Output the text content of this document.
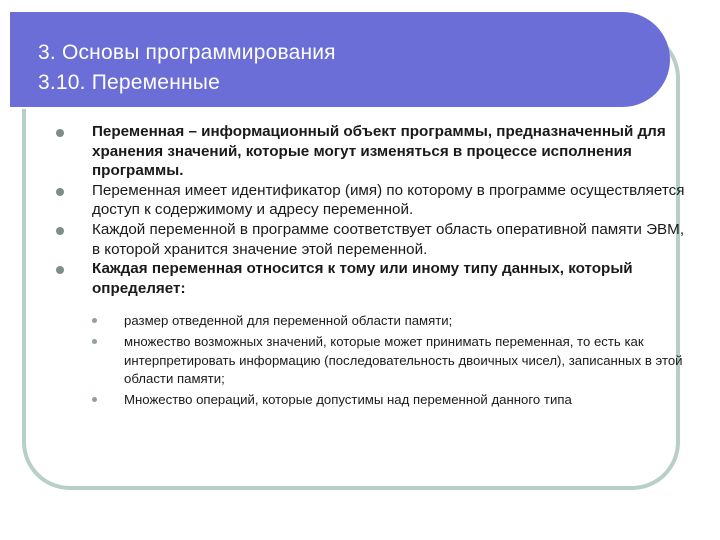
3. Основы программирования
3.10. Переменные
Переменная – информационный объект программы, предназначенный для хранения значений, которые могут изменяться в процессе исполнения программы.
Переменная имеет идентификатор (имя) по которому в программе осуществляется доступ к содержимому и адресу переменной.
Каждой переменной в программе соответствует область оперативной памяти ЭВМ, в которой хранится значение этой переменной.
Каждая переменная относится к тому или иному типу данных, который определяет:
размер отведенной для переменной области памяти;
множество возможных значений, которые может принимать переменная, то есть как интерпретировать информацию (последовательность двоичных чисел), записанных в этой области памяти;
Множество операций, которые допустимы над переменной данного типа
